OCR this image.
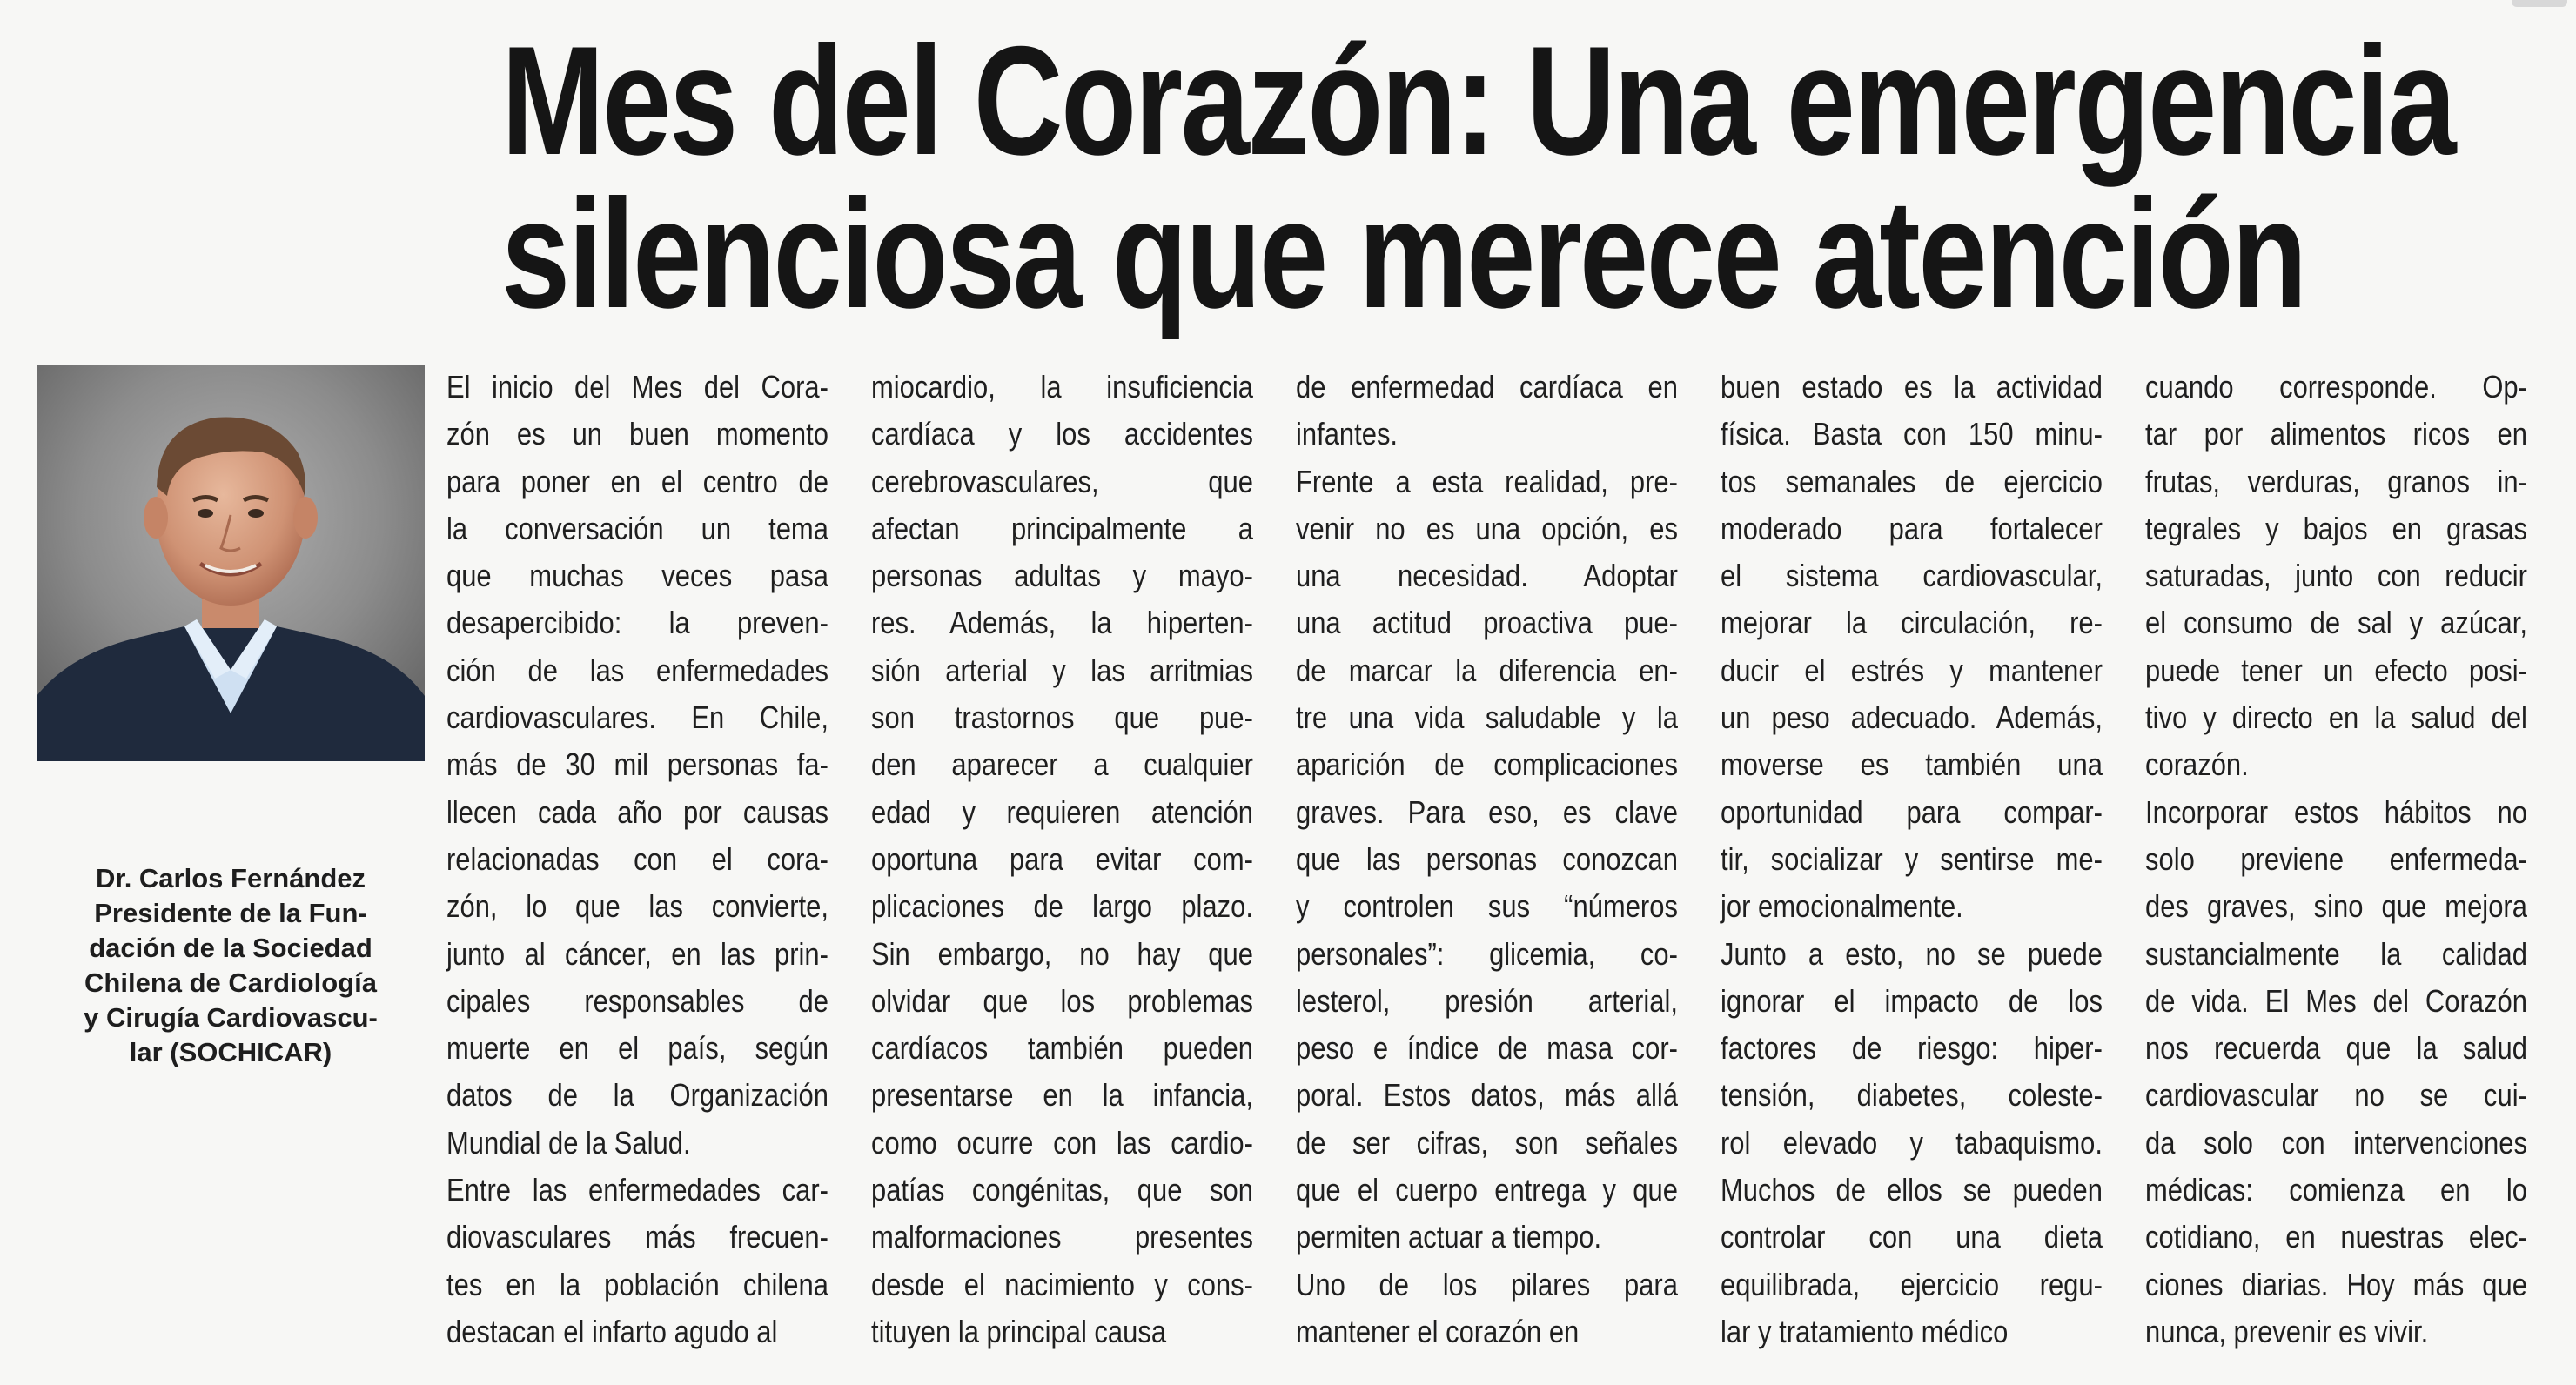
Mes del Corazón: Una emergencia
silenciosa que merece atención
Dr. Carlos Fernández
Presidente de la Fun-
dación de la Sociedad
Chilena de Cardiología
y Cirugía Cardiovascu-
lar (SOCHICAR)
El inicio del Mes del Cora-
zón es un buen momento
para poner en el centro de
la conversación un tema
que muchas veces pasa
desapercibido: la preven-
ción de las enfermedades
cardiovasculares. En Chile,
más de 30 mil personas fa-
llecen cada año por causas
relacionadas con el cora-
zón, lo que las convierte,
junto al cáncer, en las prin-
cipales responsables de
muerte en el país, según
datos de la Organización
Mundial de la Salud.
Entre las enfermedades car-
diovasculares más frecuen-
tes en la población chilena
destacan el infarto agudo al
miocardio, la insuficiencia
cardíaca y los accidentes
cerebrovasculares, que
afectan principalmente a
personas adultas y mayo-
res. Además, la hiperten-
sión arterial y las arritmias
son trastornos que pue-
den aparecer a cualquier
edad y requieren atención
oportuna para evitar com-
plicaciones de largo plazo.
Sin embargo, no hay que
olvidar que los problemas
cardíacos también pueden
presentarse en la infancia,
como ocurre con las cardio-
patías congénitas, que son
malformaciones presentes
desde el nacimiento y cons-
tituyen la principal causa
de enfermedad cardíaca en
infantes.
Frente a esta realidad, pre-
venir no es una opción, es
una necesidad. Adoptar
una actitud proactiva pue-
de marcar la diferencia en-
tre una vida saludable y la
aparición de complicaciones
graves. Para eso, es clave
que las personas conozcan
y controlen sus “números
personales”: glicemia, co-
lesterol, presión arterial,
peso e índice de masa cor-
poral. Estos datos, más allá
de ser cifras, son señales
que el cuerpo entrega y que
permiten actuar a tiempo.
Uno de los pilares para
mantener el corazón en
buen estado es la actividad
física. Basta con 150 minu-
tos semanales de ejercicio
moderado para fortalecer
el sistema cardiovascular,
mejorar la circulación, re-
ducir el estrés y mantener
un peso adecuado. Además,
moverse es también una
oportunidad para compar-
tir, socializar y sentirse me-
jor emocionalmente.
Junto a esto, no se puede
ignorar el impacto de los
factores de riesgo: hiper-
tensión, diabetes, coleste-
rol elevado y tabaquismo.
Muchos de ellos se pueden
controlar con una dieta
equilibrada, ejercicio regu-
lar y tratamiento médico
cuando corresponde. Op-
tar por alimentos ricos en
frutas, verduras, granos in-
tegrales y bajos en grasas
saturadas, junto con reducir
el consumo de sal y azúcar,
puede tener un efecto posi-
tivo y directo en la salud del
corazón.
Incorporar estos hábitos no
solo previene enfermeda-
des graves, sino que mejora
sustancialmente la calidad
de vida. El Mes del Corazón
nos recuerda que la salud
cardiovascular no se cui-
da solo con intervenciones
médicas: comienza en lo
cotidiano, en nuestras elec-
ciones diarias. Hoy más que
nunca, prevenir es vivir.
